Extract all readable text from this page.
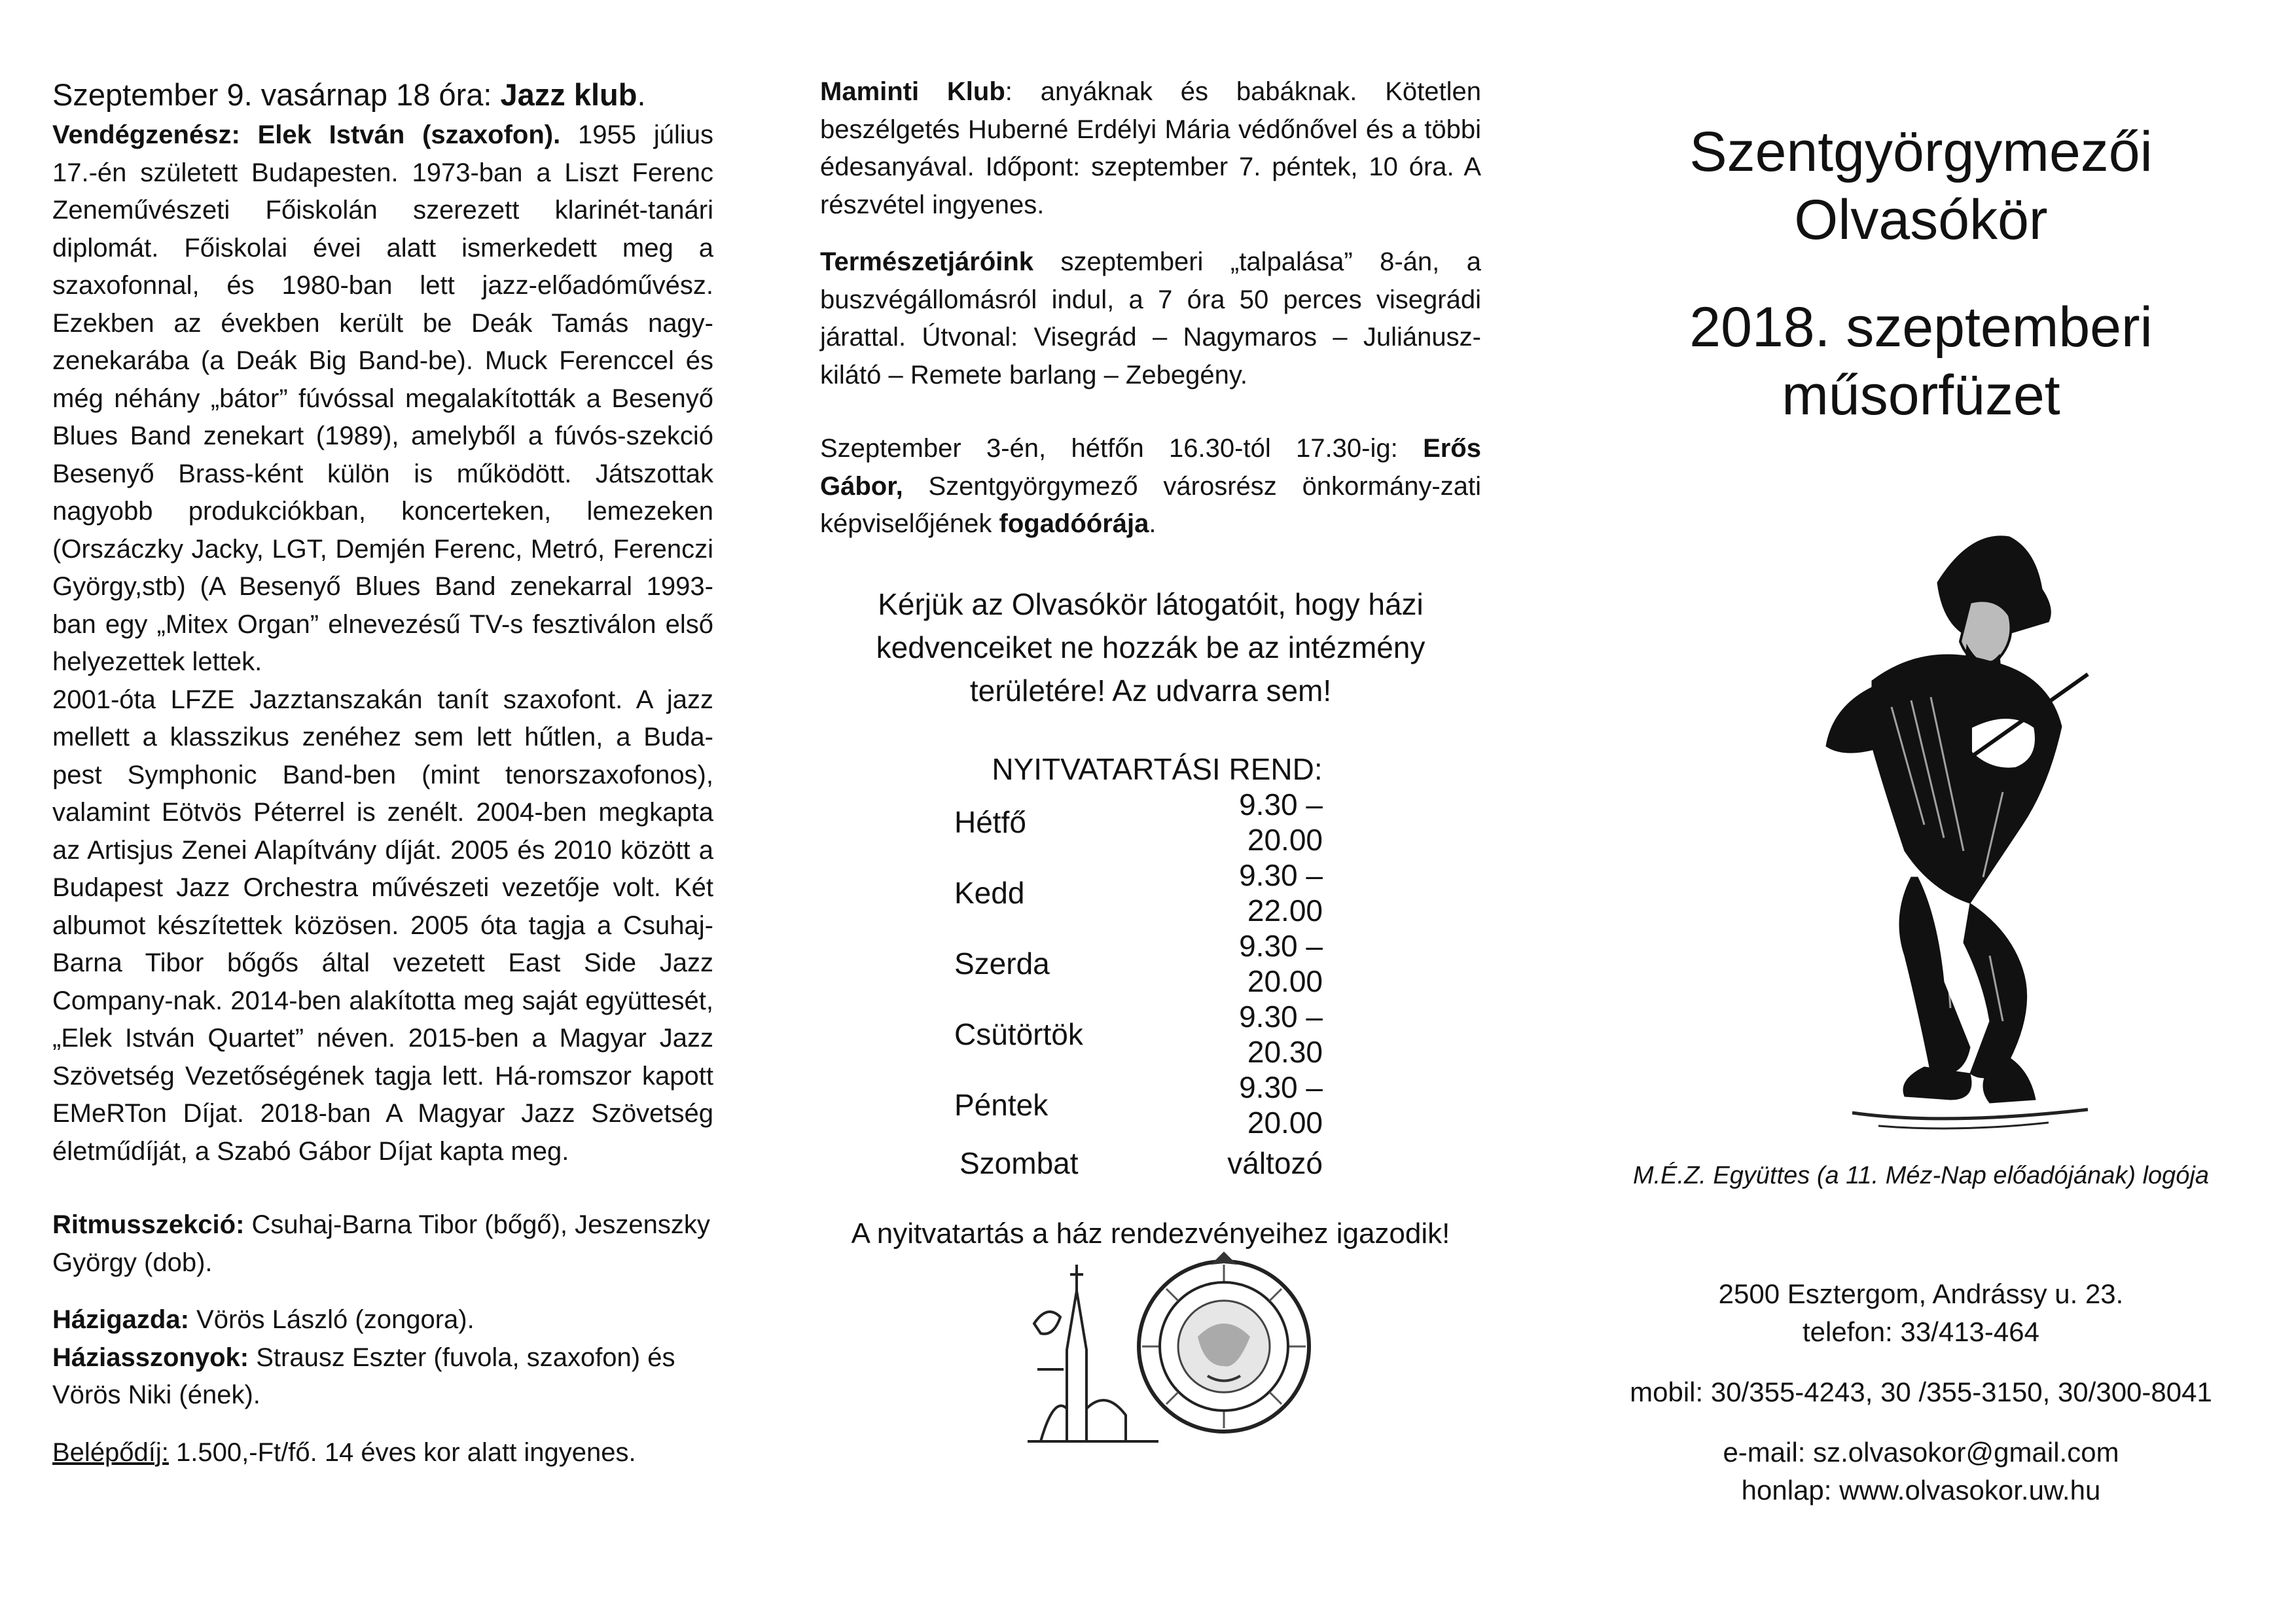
Szeptember 9. vasárnap 18 óra: Jazz klub.

Vendégzenész: Elek István (szaxofon). 1955 július 17.-én született Budapesten. 1973-ban a Liszt Ferenc Zeneművészeti Főiskolán szerezett klarinét-tanári diplomát. Főiskolai évei alatt ismerkedett meg a szaxofonnal, és 1980-ban lett jazz-előadóművész. Ezekben az években került be Deák Tamás nagy-zenekarába (a Deák Big Band-be). Muck Ferenccel és még néhány „bátor” fúvóssal megalakították a Besenyő Blues Band zenekart (1989), amelyből a fúvós-szekció Besenyő Brass-ként külön is működött. Játszottak nagyobb produkciókban, koncerteken, lemezeken (Orszáczky Jacky, LGT, Demjén Ferenc, Metró, Ferenczi György,stb) (A Besenyő Blues Band zenekarral 1993-ban egy „Mitex Organ” elnevezésű TV-s fesztiválon első helyezettek lettek.

2001-óta LFZE Jazztanszakán tanít szaxofont. A jazz mellett a klasszikus zenéhez sem lett hűtlen, a Buda-pest Symphonic Band-ben (mint tenorszaxofonos), valamint Eötvös Péterrel is zenélt. 2004-ben megkapta az Artisjus Zenei Alapítvány díját. 2005 és 2010 között a Budapest Jazz Orchestra művészeti vezetője volt. Két albumot készítettek közösen. 2005 óta tagja a Csuhaj-Barna Tibor bőgős által vezetett East Side Jazz Company-nak. 2014-ben alakította meg saját együttesét, „Elek István Quartet” néven. 2015-ben a Magyar Jazz Szövetség Vezetőségének tagja lett. Há-romszor kapott EMeRTon Díjat. 2018-ban A Magyar Jazz Szövetség életműdíját, a Szabó Gábor Díjat kapta meg.

Ritmusszekció: Csuhaj-Barna Tibor (bőgő), Jeszenszky György (dob).

Házigazda: Vörös László (zongora).

Háziasszonyok: Strausz Eszter (fuvola, szaxofon) és Vörös Niki (ének).

Belépődíj: 1.500,-Ft/fő. 14 éves kor alatt ingyenes.

Maminti Klub: anyáknak és babáknak. Kötetlen beszélgetés Huberné Erdélyi Mária védőnővel és a többi édesanyával. Időpont: szeptember 7. péntek, 10 óra. A részvétel ingyenes.

Természetjáróink szeptemberi „talpalása” 8-án, a buszvégállomásról indul, a 7 óra 50 perces visegrádi járattal. Útvonal: Visegrád – Nagymaros – Juliánusz-kilátó – Remete barlang – Zebegény.

Szeptember 3-én, hétfőn 16.30-tól 17.30-ig: Erős Gábor, Szentgyörgymező városrész önkormány-zati képviselőjének fogadóórája.

Kérjük az Olvasókör látogatóit, hogy házi kedvenceiket ne hozzák be az intézmény területére! Az udvarra sem!

NYITVATARTÁSI REND:

Hétfő	9.30 – 20.00
Kedd	9.30 – 22.00
Szerda	9.30 – 20.00
Csütörtök	9.30 – 20.30
Péntek	9.30 – 20.00
Szombat	változó

A nyitvatartás a ház rendezvényeihez igazodik!

Szentgyörgymezői

Olvasókör

2018. szeptemberi

műsorfüzet

M.É.Z. Együttes (a 11. Méz-Nap előadójának) logója

2500 Esztergom, Andrássy u. 23.

telefon: 33/413-464

mobil: 30/355-4243, 30 /355-3150, 30/300-8041

e-mail: sz.olvasokor@gmail.com

honlap: www.olvasokor.uw.hu
